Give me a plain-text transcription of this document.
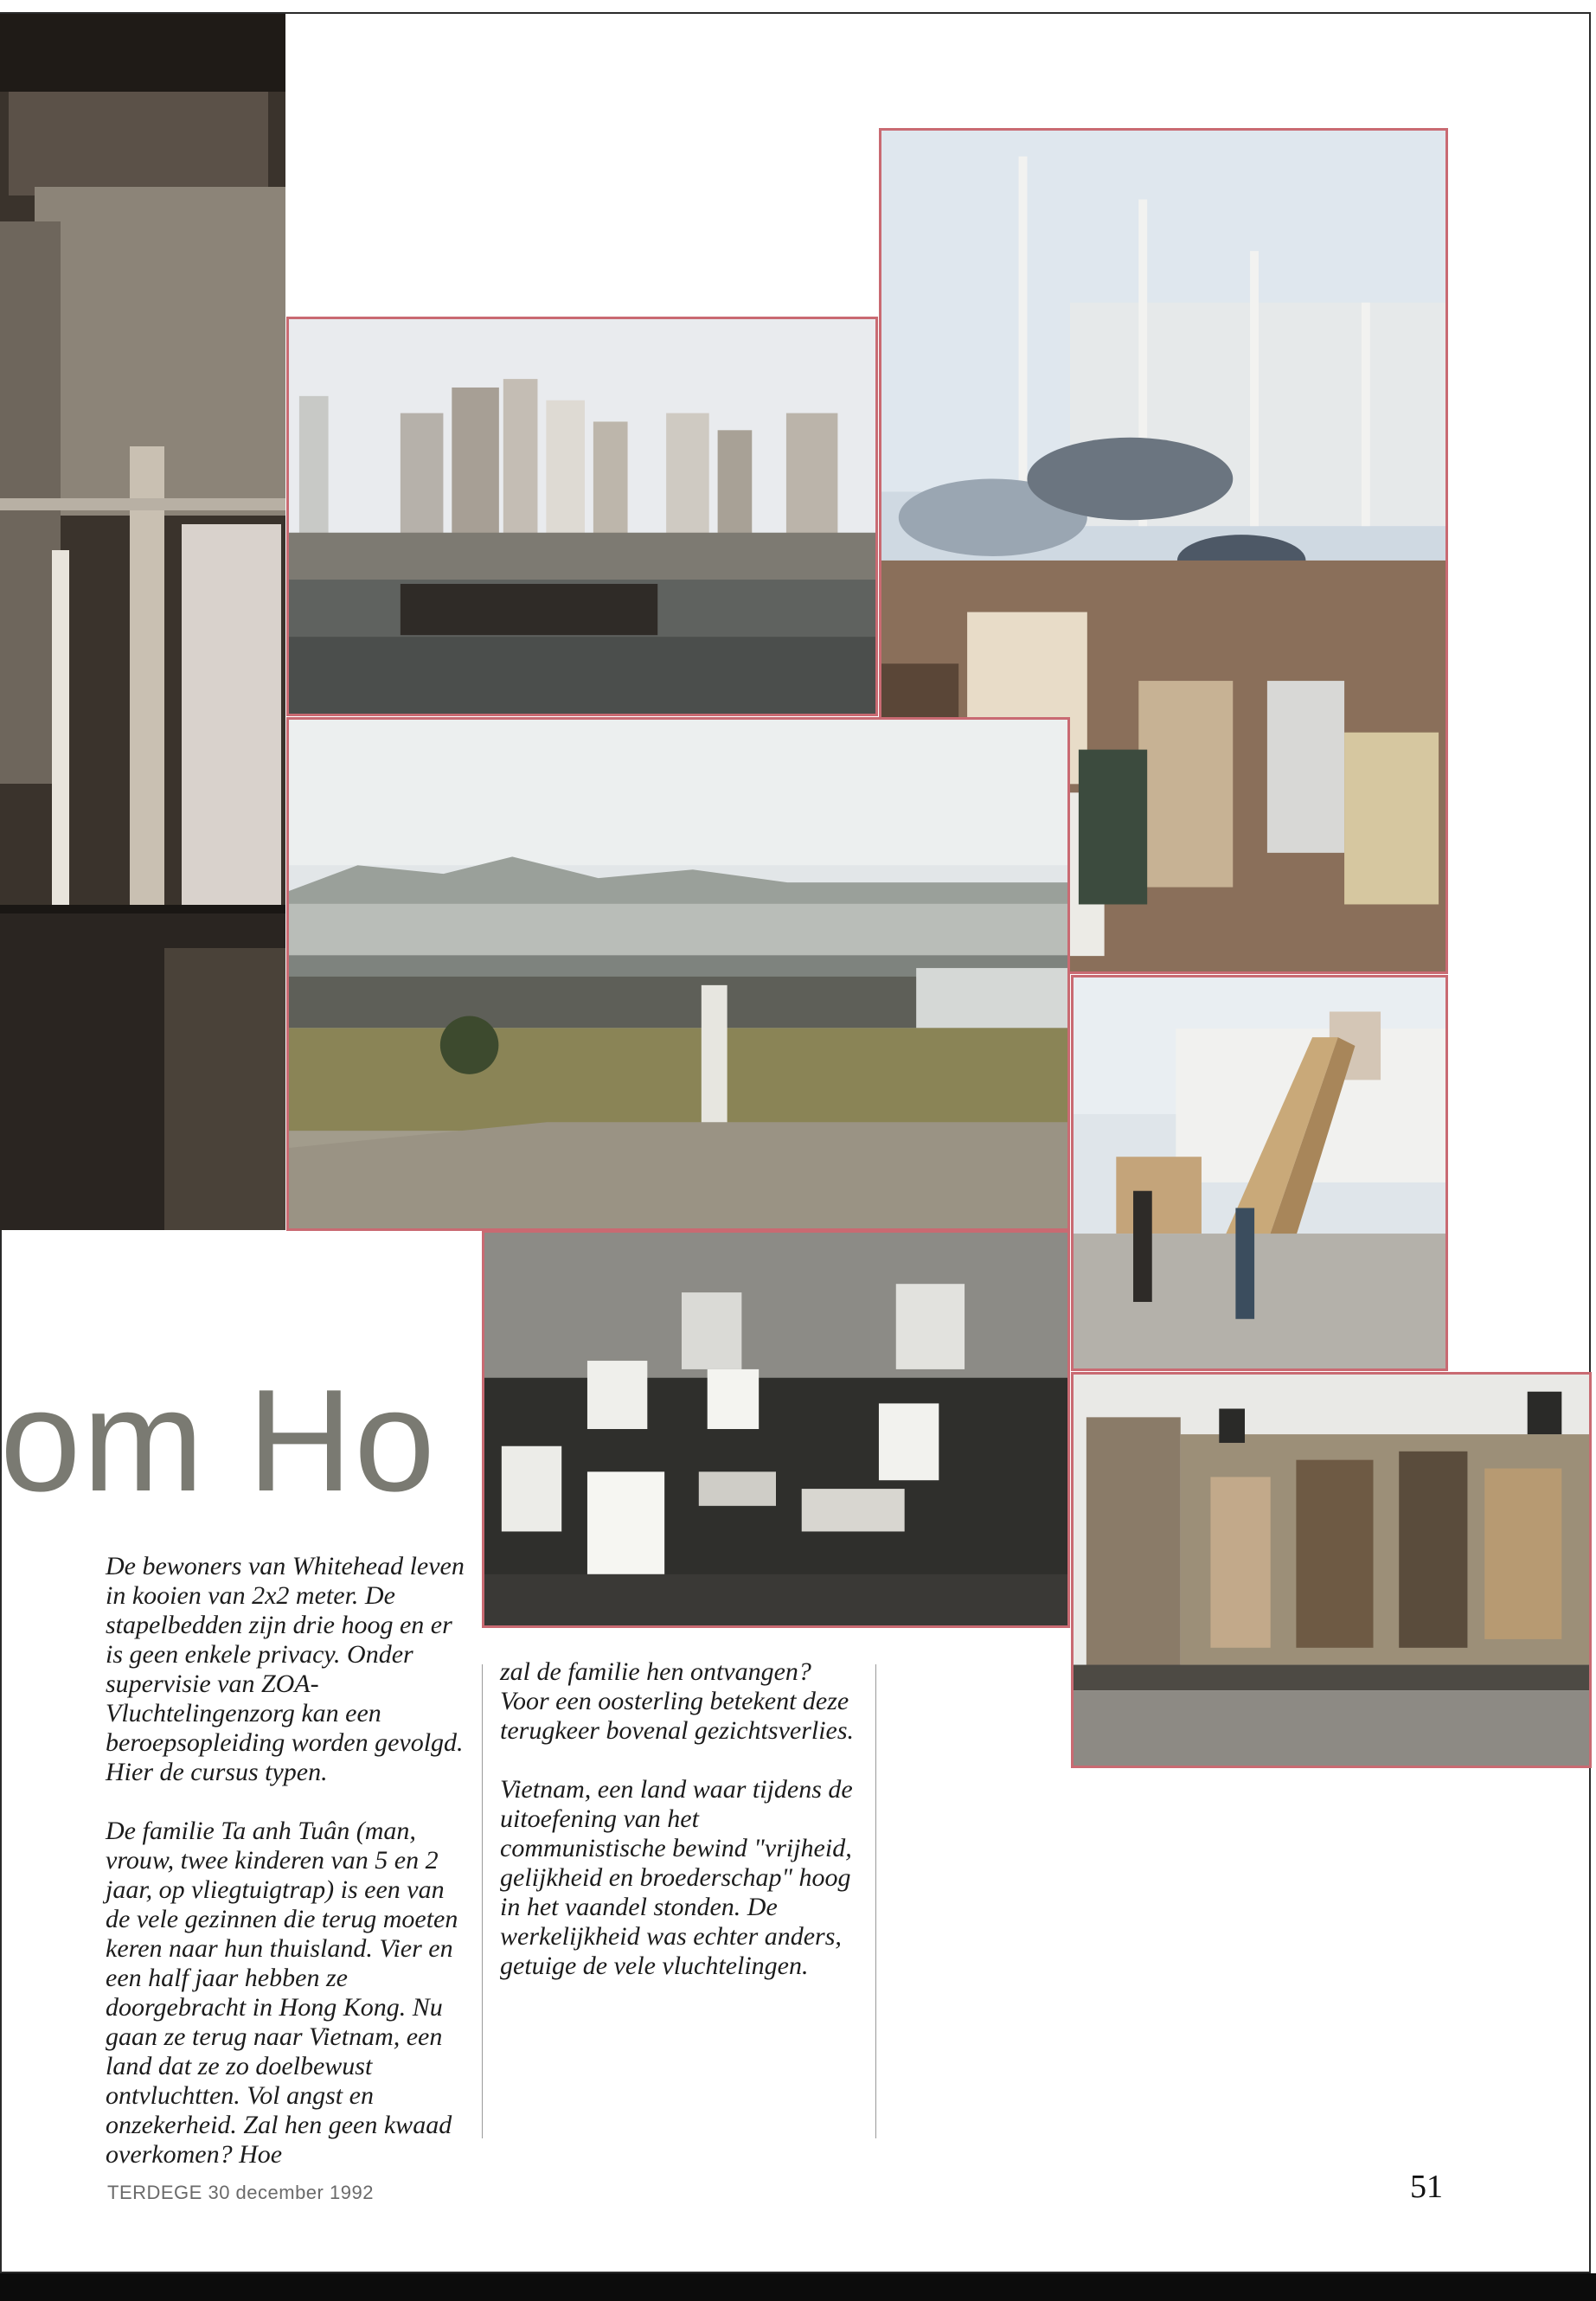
om Ho

De bewoners van Whitehead leven in kooien van 2x2 meter. De stapelbedden zijn drie hoog en er is geen enkele privacy. Onder supervisie van ZOA-Vluchtelingenzorg kan een beroepsopleiding worden gevolgd. Hier de cursus typen.

De familie Ta anh Tuân (man, vrouw, twee kinderen van 5 en 2 jaar, op vliegtuigtrap) is een van de vele gezinnen die terug moeten keren naar hun thuisland. Vier en een half jaar hebben ze doorgebracht in Hong Kong. Nu gaan ze terug naar Vietnam, een land dat ze zo doelbewust ontvluchtten. Vol angst en onzekerheid. Zal hen geen kwaad overkomen? Hoe

zal de familie hen ontvangen? Voor een oosterling betekent deze terugkeer bovenal gezichtsverlies.

Vietnam, een land waar tijdens de uitoefening van het communistische bewind "vrijheid, gelijkheid en broederschap" hoog in het vaandel stonden. De werkelijkheid was echter anders, getuige de vele vluchtelingen.

TERDEGE 30 december 1992	51
